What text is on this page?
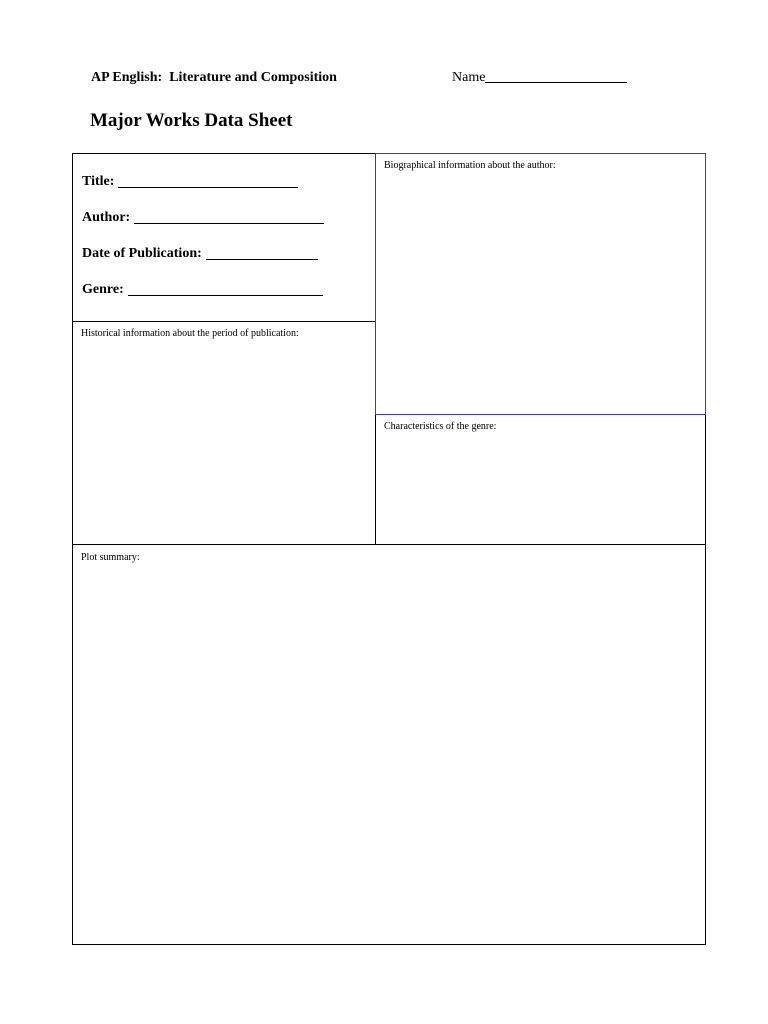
AP English:  Literature and Composition	Name
Major Works Data Sheet
Title:
Author:
Date of Publication:
Genre:
Biographical information about the author:
Historical information about the period of publication:
Characteristics of the genre:
Plot summary:
